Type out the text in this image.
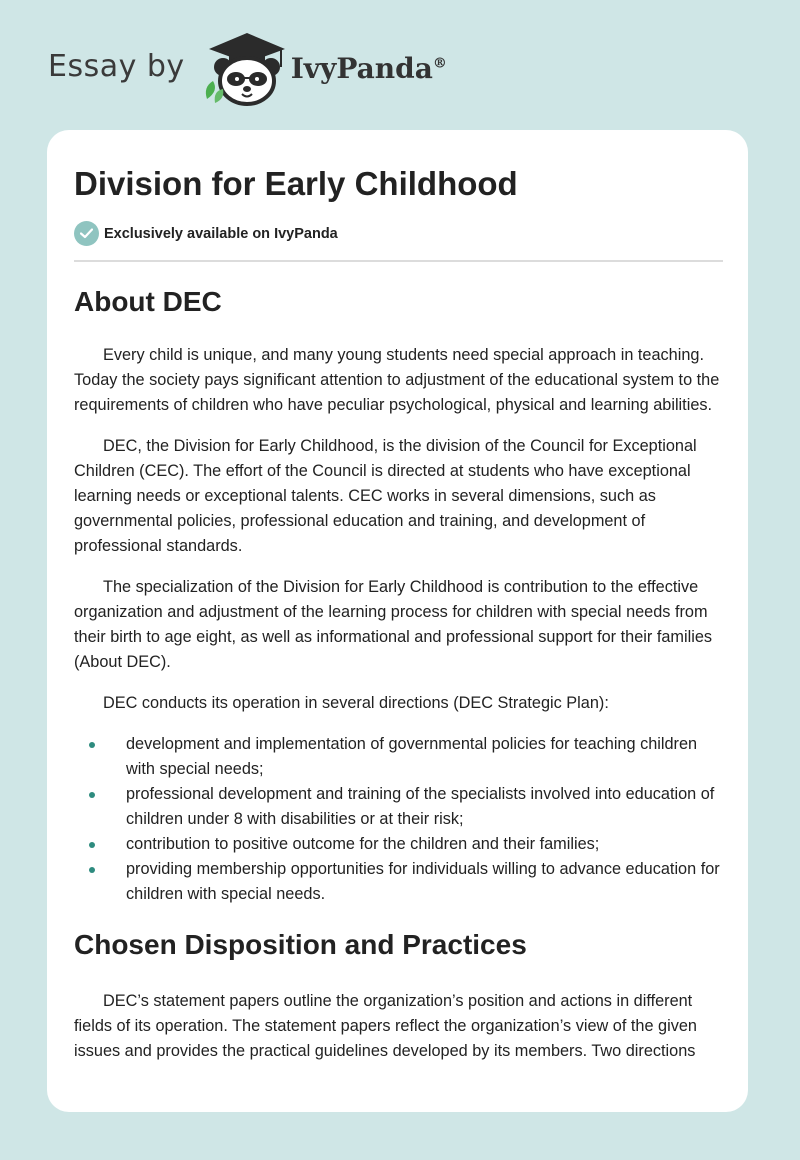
Essay by	IvyPanda®
Division for Early Childhood
Exclusively available on IvyPanda
About DEC

Every child is unique, and many young students need special approach in teaching. Today the society pays significant attention to adjustment of the educational system to the requirements of children who have peculiar psychological, physical and learning abilities.

DEC, the Division for Early Childhood, is the division of the Council for Exceptional Children (CEC). The effort of the Council is directed at students who have exceptional learning needs or exceptional talents. CEC works in several dimensions, such as governmental policies, professional education and training, and development of professional standards.

The specialization of the Division for Early Childhood is contribution to the effective organization and adjustment of the learning process for children with special needs from their birth to age eight, as well as informational and professional support for their families (About DEC).

DEC conducts its operation in several directions (DEC Strategic Plan):

development and implementation of governmental policies for teaching children with special needs;
professional development and training of the specialists involved into education of children under 8 with disabilities or at their risk;
contribution to positive outcome for the children and their families;
providing membership opportunities for individuals willing to advance education for children with special needs.
Chosen Disposition and Practices

DEC’s statement papers outline the organization’s position and actions in different fields of its operation. The statement papers reflect the organization’s view of the given issues and provides the practical guidelines developed by its members. Two directions
